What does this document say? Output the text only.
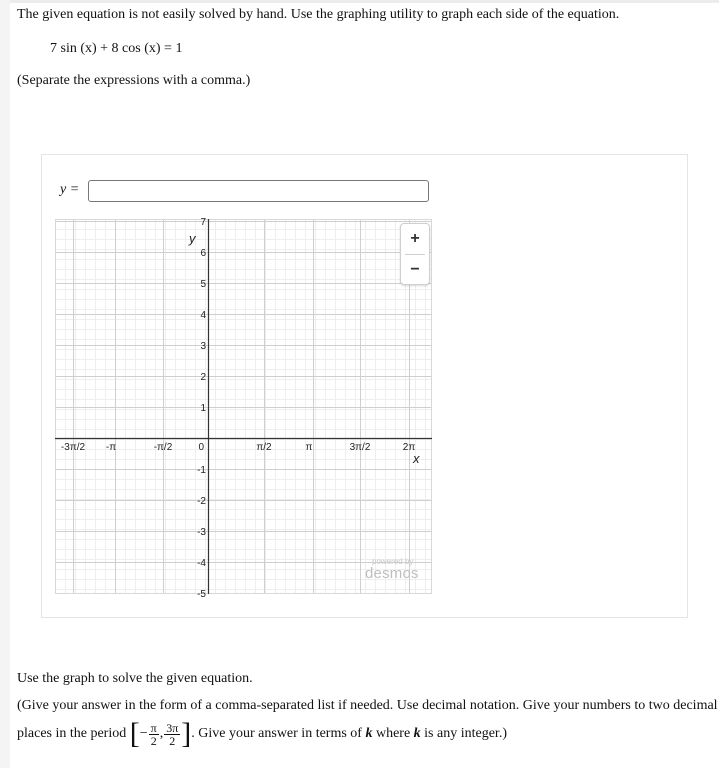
The given equation is not easily solved by hand. Use the graphing utility to graph each side of the equation.
7 sin (x) + 8 cos (x) = 1
(Separate the expressions with a comma.)
y =
-3π/2 -π	-π/2	0	π/2	π	3π/2	2π
7
6
5
4
3
2
1
-1
-2
-3
-4
-5
y
x
+
−
powered by
desmos
Use the graph to solve the given equation.
(Give your answer in the form of a comma-separated list if needed. Use decimal notation. Give your numbers to two decimal
places in the period
[ − $\frac{\pi}{2}$ , $\frac{3\pi}{2}$ ] . Give your answer in terms of
k
where
k
is any integer.)
